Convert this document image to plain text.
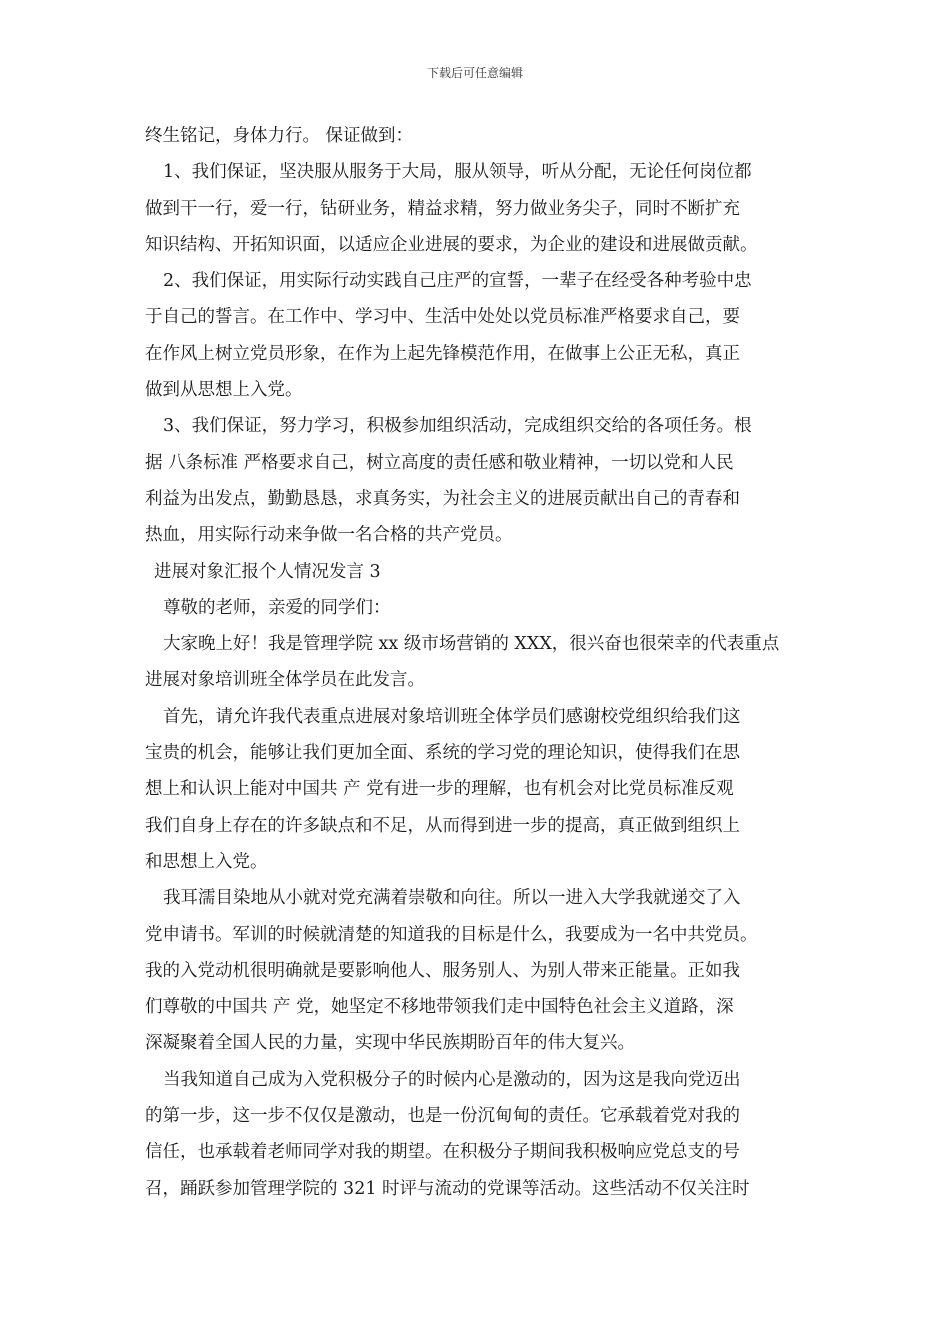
下载后可任意编辑
终生铭记，身体力行。 保证做到：
1、我们保证，坚决服从服务于大局，服从领导，听从分配，无论任何岗位都
做到干一行，爱一行，钻研业务，精益求精，努力做业务尖子，同时不断扩充
知识结构、开拓知识面，以适应企业进展的要求，为企业的建设和进展做贡献。
2、我们保证，用实际行动实践自己庄严的宣誓，一辈子在经受各种考验中忠
于自己的誓言。在工作中、学习中、生活中处处以党员标准严格要求自己，要
在作风上树立党员形象，在作为上起先锋模范作用，在做事上公正无私，真正
做到从思想上入党。
3、我们保证，努力学习，积极参加组织活动，完成组织交给的各项任务。根
据 八条标准 严格要求自己，树立高度的责任感和敬业精神，一切以党和人民
利益为出发点，勤勤恳恳，求真务实，为社会主义的进展贡献出自己的青春和
热血，用实际行动来争做一名合格的共产党员。
进展对象汇报个人情况发言 3
尊敬的老师，亲爱的同学们：
大家晚上好！我是管理学院 xx 级市场营销的 XXX，很兴奋也很荣幸的代表重点
进展对象培训班全体学员在此发言。
首先，请允许我代表重点进展对象培训班全体学员们感谢校党组织给我们这
宝贵的机会，能够让我们更加全面、系统的学习党的理论知识，使得我们在思
想上和认识上能对中国共 产 党有进一步的理解，也有机会对比党员标准反观
我们自身上存在的许多缺点和不足，从而得到进一步的提高，真正做到组织上
和思想上入党。
我耳濡目染地从小就对党充满着崇敬和向往。所以一进入大学我就递交了入
党申请书。军训的时候就清楚的知道我的目标是什么，我要成为一名中共党员。
我的入党动机很明确就是要影响他人、服务别人、为别人带来正能量。正如我
们尊敬的中国共 产 党，她坚定不移地带领我们走中国特色社会主义道路，深
深凝聚着全国人民的力量，实现中华民族期盼百年的伟大复兴。
当我知道自己成为入党积极分子的时候内心是激动的，因为这是我向党迈出
的第一步，这一步不仅仅是激动，也是一份沉甸甸的责任。它承载着党对我的
信任，也承载着老师同学对我的期望。在积极分子期间我积极响应党总支的号
召，踊跃参加管理学院的 321 时评与流动的党课等活动。这些活动不仅关注时
